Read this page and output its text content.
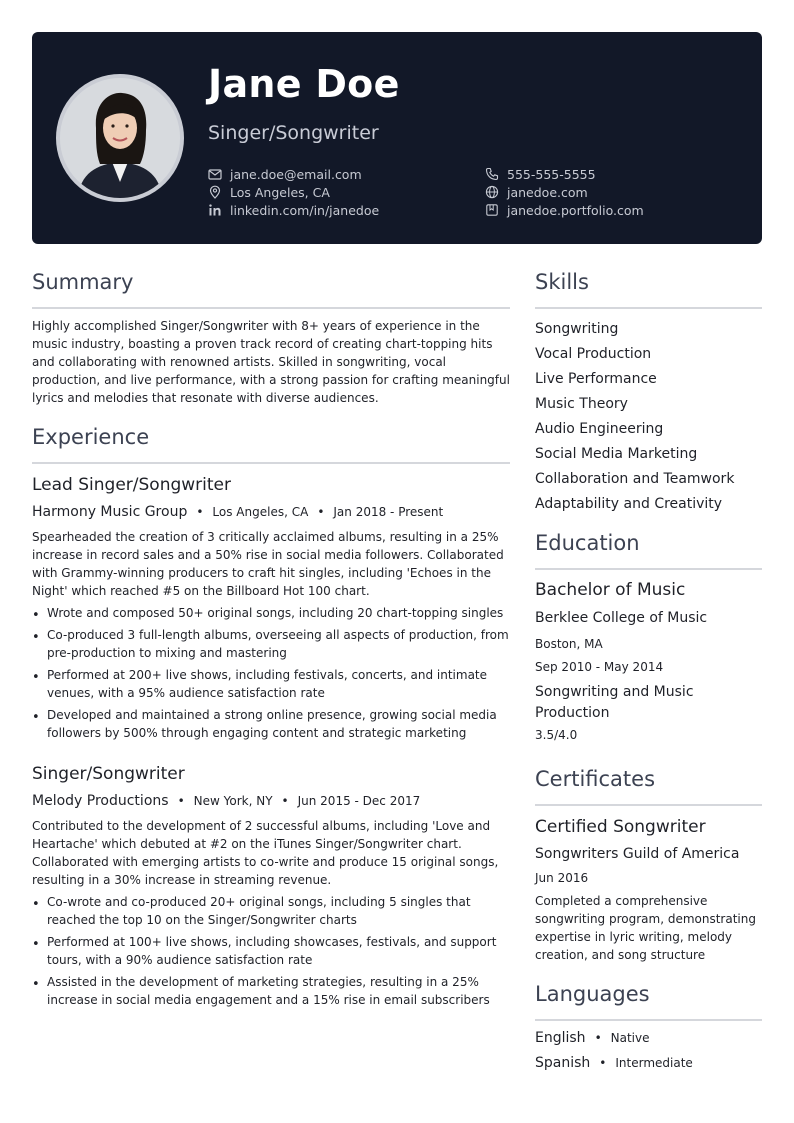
Jane Doe
Singer/Songwriter
jane.doe@email.com	555-555-5555
Los Angeles, CA	janedoe.com
linkedin.com/in/janedoe	janedoe.portfolio.com
Summary
Highly accomplished Singer/Songwriter with 8+ years of experience in the music industry, boasting a proven track record of creating chart-topping hits and collaborating with renowned artists. Skilled in songwriting, vocal production, and live performance, with a strong passion for crafting meaningful lyrics and melodies that resonate with diverse audiences.
Experience
Lead Singer/Songwriter
Harmony Music Group • Los Angeles, CA • Jan 2018 - Present
Spearheaded the creation of 3 critically acclaimed albums, resulting in a 25% increase in record sales and a 50% rise in social media followers. Collaborated with Grammy-winning producers to craft hit singles, including 'Echoes in the Night' which reached #5 on the Billboard Hot 100 chart.
• Wrote and composed 50+ original songs, including 20 chart-topping singles
• Co-produced 3 full-length albums, overseeing all aspects of production, from pre-production to mixing and mastering
• Performed at 200+ live shows, including festivals, concerts, and intimate venues, with a 95% audience satisfaction rate
• Developed and maintained a strong online presence, growing social media followers by 500% through engaging content and strategic marketing
Singer/Songwriter
Melody Productions • New York, NY • Jun 2015 - Dec 2017
Contributed to the development of 2 successful albums, including 'Love and Heartache' which debuted at #2 on the iTunes Singer/Songwriter chart. Collaborated with emerging artists to co-write and produce 15 original songs, resulting in a 30% increase in streaming revenue.
• Co-wrote and co-produced 20+ original songs, including 5 singles that reached the top 10 on the Singer/Songwriter charts
• Performed at 100+ live shows, including showcases, festivals, and support tours, with a 90% audience satisfaction rate
• Assisted in the development of marketing strategies, resulting in a 25% increase in social media engagement and a 15% rise in email subscribers
Skills
Songwriting
Vocal Production
Live Performance
Music Theory
Audio Engineering
Social Media Marketing
Collaboration and Teamwork
Adaptability and Creativity
Education
Bachelor of Music
Berklee College of Music
Boston, MA
Sep 2010 - May 2014
Songwriting and Music Production
3.5/4.0
Certificates
Certified Songwriter
Songwriters Guild of America
Jun 2016
Completed a comprehensive songwriting program, demonstrating expertise in lyric writing, melody creation, and song structure
Languages
English • Native
Spanish • Intermediate
